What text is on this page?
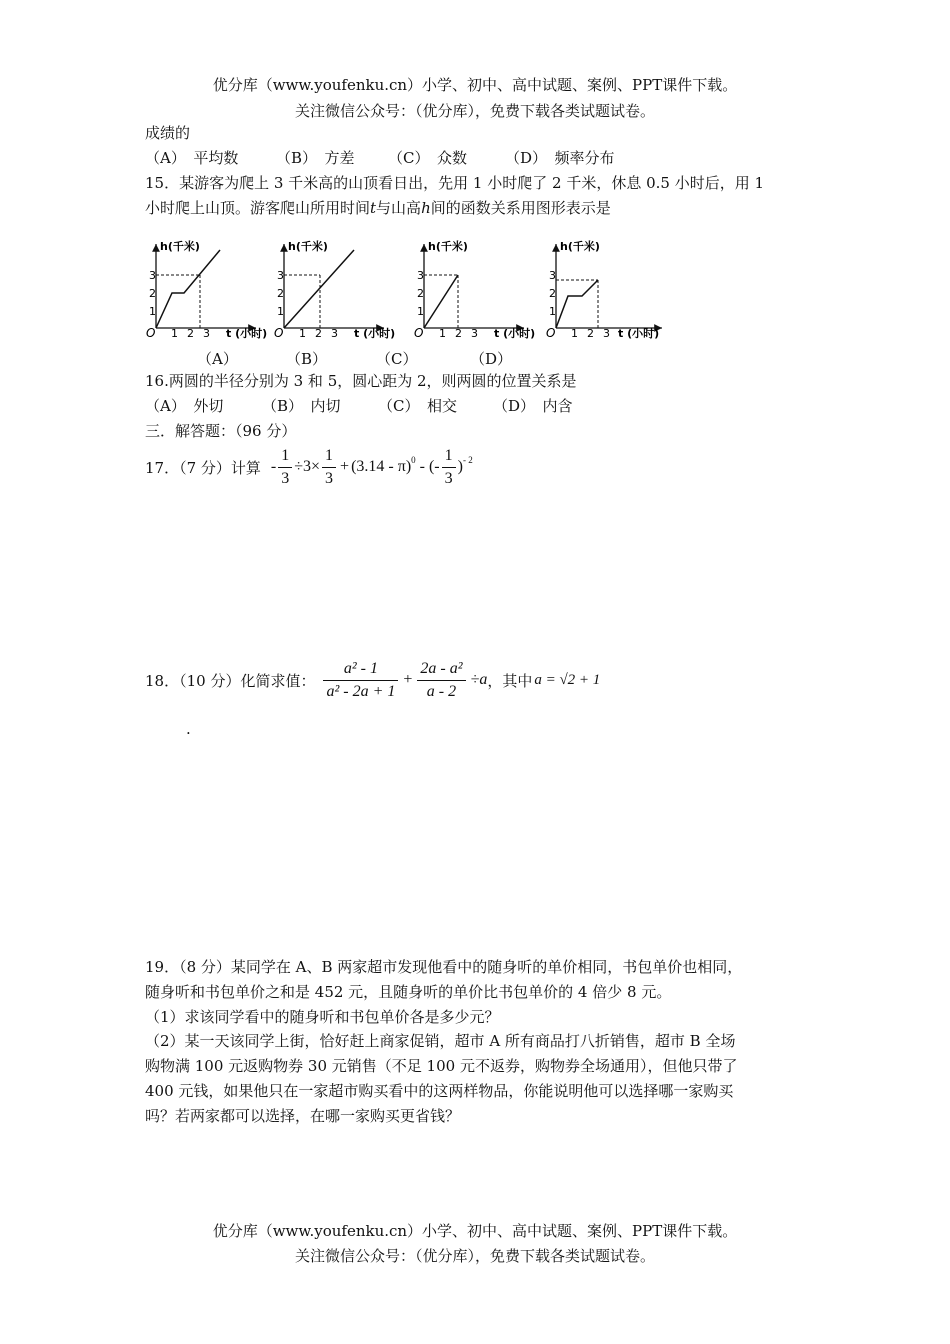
优分库（www.youfenku.cn）小学、初中、高中试题、案例、PPT课件下载。
关注微信公众号：（优分库），免费下载各类试题试卷。
成绩的
（A）　平均数	（B）　方差 （C）　众数	（D）　频率分布
15．某游客为爬上 3 千米高的山顶看日出，先用 1 小时爬了 2 千米，休息 0.5 小时后，用 1
小时爬上山顶。游客爬山所用时间t与山高h间的函数关系用图形表示是
h(千米)
t (小时)
O
1
2
3
1 2 3
h(千米)
t (小时)
O
1
2
3
1 2 3
h(千米)
t (小时)
O
1
2
3
1 2 3
h(千米)
t (小时)
O
1
2
3
1 2 3
（A）	（B）	（C）	（D）
16.两圆的半径分别为 3 和 5，圆心距为 2，则两圆的位置关系是
（A）　外切	（B）　内切 （C）　相交 （D）　内含
三．解答题：（96 分）
17．（7 分）计算 - $\frac{1}{3} \div 3\times \frac{1}{3} + (3.14 - \pi)^0$ - (- $\frac{1}{3} )^{- 2}$
18．（10 分）化简求值： $\frac{\text{a² - 1}}{\text{a² - 2a + 1}} + \frac{\text{2a - a²}}{a - 2} \div a$ ，其中 a = √2 + 1
.
19．（8 分）某同学在 A、B 两家超市发现他看中的随身听的单价相同，书包单价也相同，
随身听和书包单价之和是 452 元，且随身听的单价比书包单价的 4 倍少 8 元。
（1）求该同学看中的随身听和书包单价各是多少元？
（2）某一天该同学上街，恰好赶上商家促销，超市 A 所有商品打八折销售，超市 B 全场
购物满 100 元返购物券 30 元销售（不足 100 元不返券，购物券全场通用），但他只带了
400 元钱，如果他只在一家超市购买看中的这两样物品，你能说明他可以选择哪一家购买
吗？若两家都可以选择，在哪一家购买更省钱？
优分库（www.youfenku.cn）小学、初中、高中试题、案例、PPT课件下载。
关注微信公众号：（优分库），免费下载各类试题试卷。
